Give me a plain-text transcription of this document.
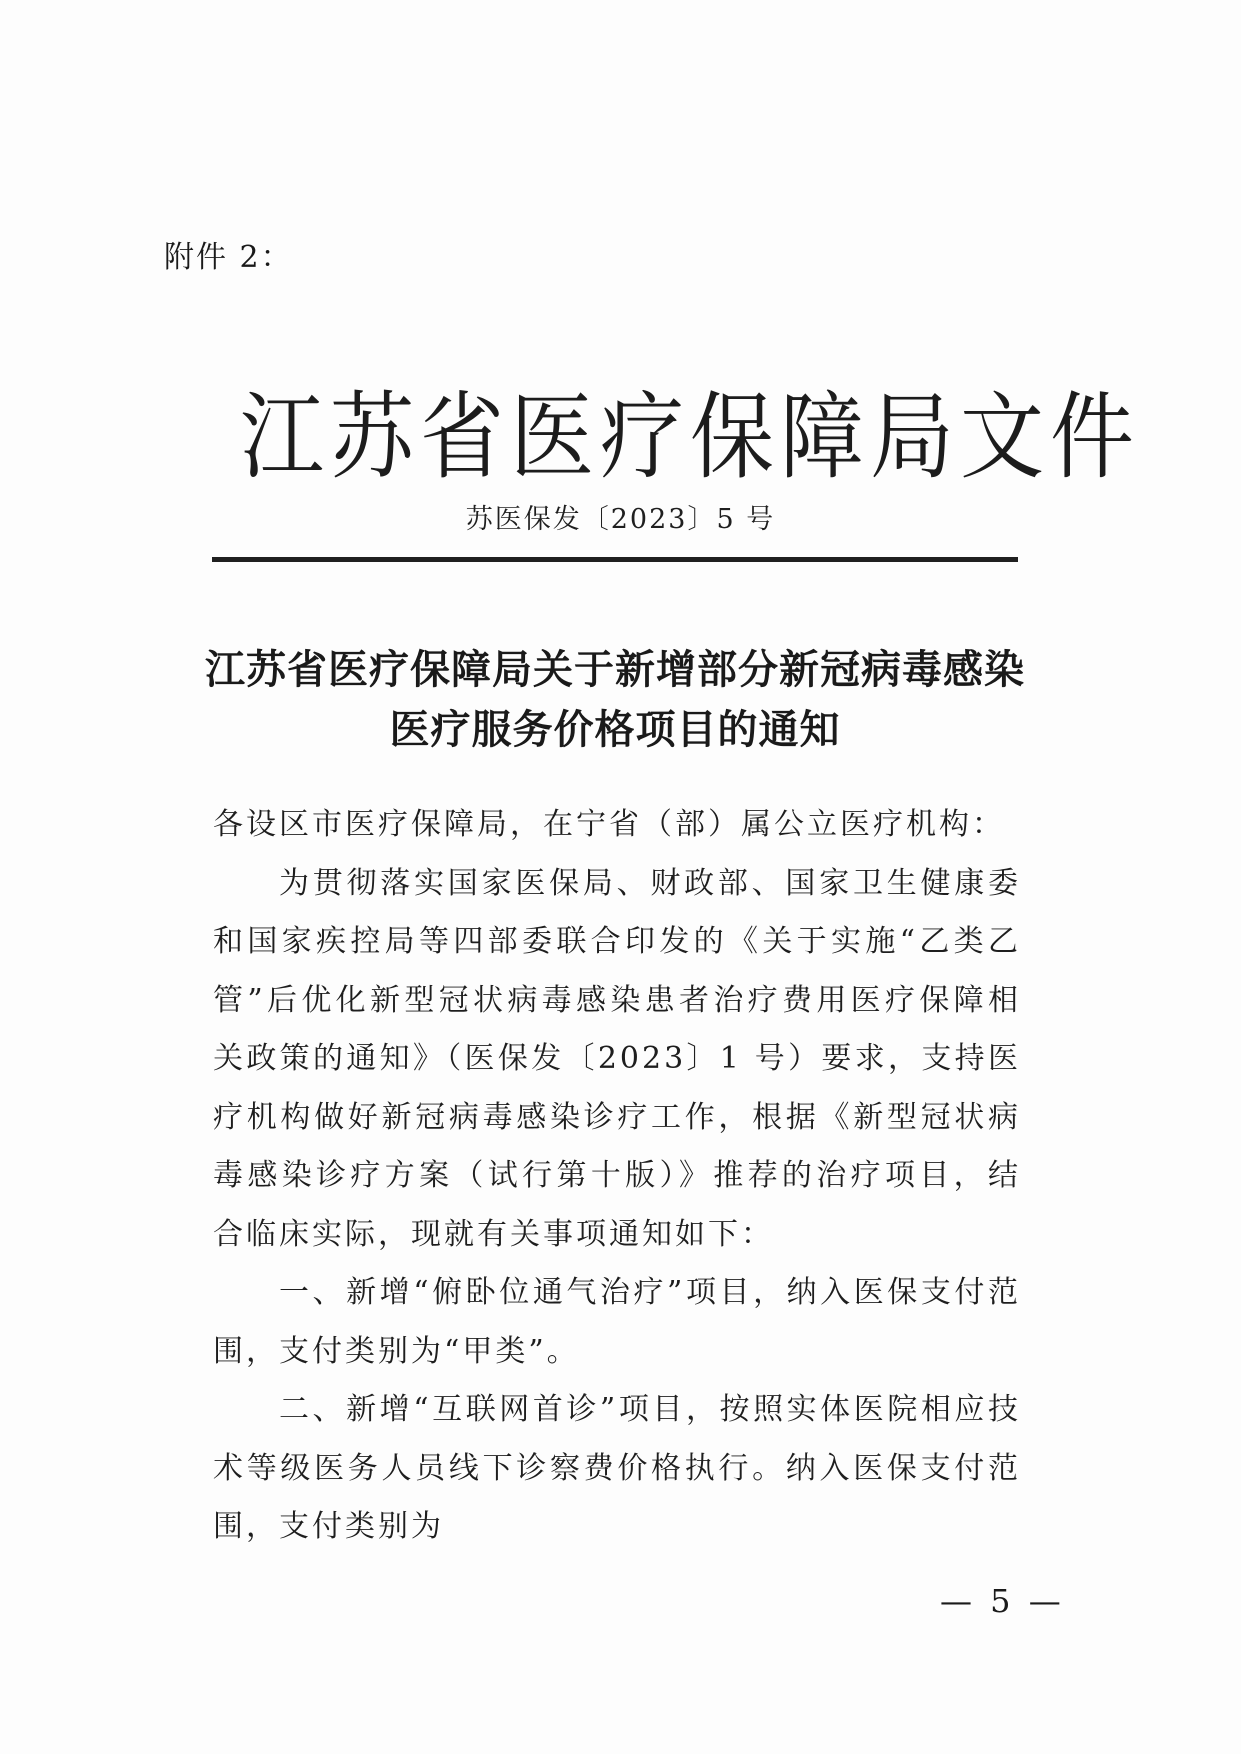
附件 2：
江苏省医疗保障局文件
苏医保发〔2023〕5 号
江苏省医疗保障局关于新增部分新冠病毒感染
医疗服务价格项目的通知

各设区市医疗保障局，在宁省（部）属公立医疗机构：

为贯彻落实国家医保局、财政部、国家卫生健康委和国家疾控局等四部委联合印发的《关于实施“乙类乙管”后优化新型冠状病毒感染患者治疗费用医疗保障相关政策的通知》（医保发〔2023〕1 号）要求，支持医疗机构做好新冠病毒感染诊疗工作，根据《新型冠状病毒感染诊疗方案（试行第十版）》推荐的治疗项目，结合临床实际，现就有关事项通知如下：

一、新增“俯卧位通气治疗”项目，纳入医保支付范围，支付类别为“甲类”。

二、新增“互联网首诊”项目，按照实体医院相应技术等级医务人员线下诊察费价格执行。纳入医保支付范围，支付类别为

— 5 —
